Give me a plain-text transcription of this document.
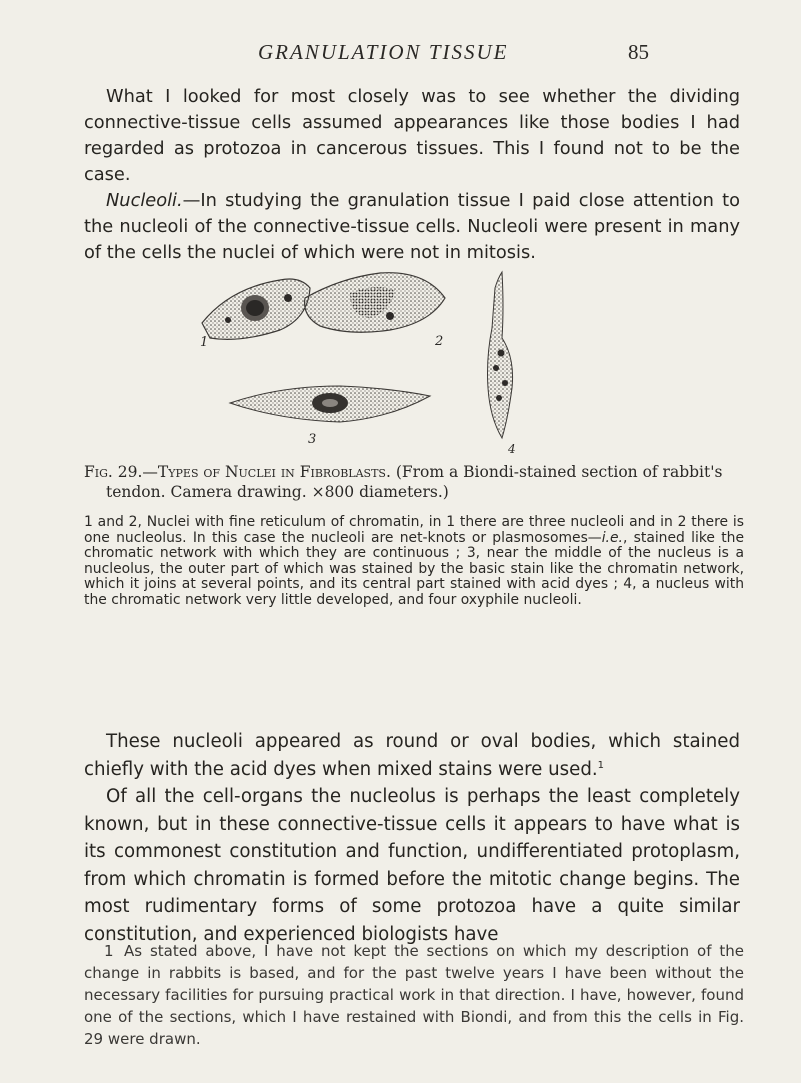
GRANULATION TISSUE	85

What I looked for most closely was to see whether the dividing connective-tissue cells assumed appearances like those bodies I had regarded as protozoa in cancerous tissues. This I found not to be the case.

Nucleoli.—In studying the granulation tissue I paid close attention to the nucleoli of the connective-tissue cells. Nucleoli were present in many of the cells the nuclei of which were not in mitosis.

1	2
3
4

Fig. 29.—Types of Nuclei in Fibroblasts. (From a Biondi-stained section of rabbit's tendon. Camera drawing. ×800 diameters.)

1 and 2, Nuclei with fine reticulum of chromatin, in 1 there are three nucleoli and in 2 there is one nucleolus. In this case the nucleoli are net-knots or plasmosomes—i.e., stained like the chromatic network with which they are continuous ; 3, near the middle of the nucleus is a nucleolus, the outer part of which was stained by the basic stain like the chromatin network, which it joins at several points, and its central part stained with acid dyes ; 4, a nucleus with the chromatic network very little developed, and four oxyphile nucleoli.

These nucleoli appeared as round or oval bodies, which stained chiefly with the acid dyes when mixed stains were used.$^1$

Of all the cell-organs the nucleolus is perhaps the least completely known, but in these connective-tissue cells it appears to have what is its commonest constitution and function, undifferentiated protoplasm, from which chromatin is formed before the mitotic change begins. The most rudimentary forms of some protozoa have a quite similar constitution, and experienced biologists have

1 As stated above, I have not kept the sections on which my description of the change in rabbits is based, and for the past twelve years I have been without the necessary facilities for pursuing practical work in that direction. I have, however, found one of the sections, which I have restained with Biondi, and from this the cells in Fig. 29 were drawn.
